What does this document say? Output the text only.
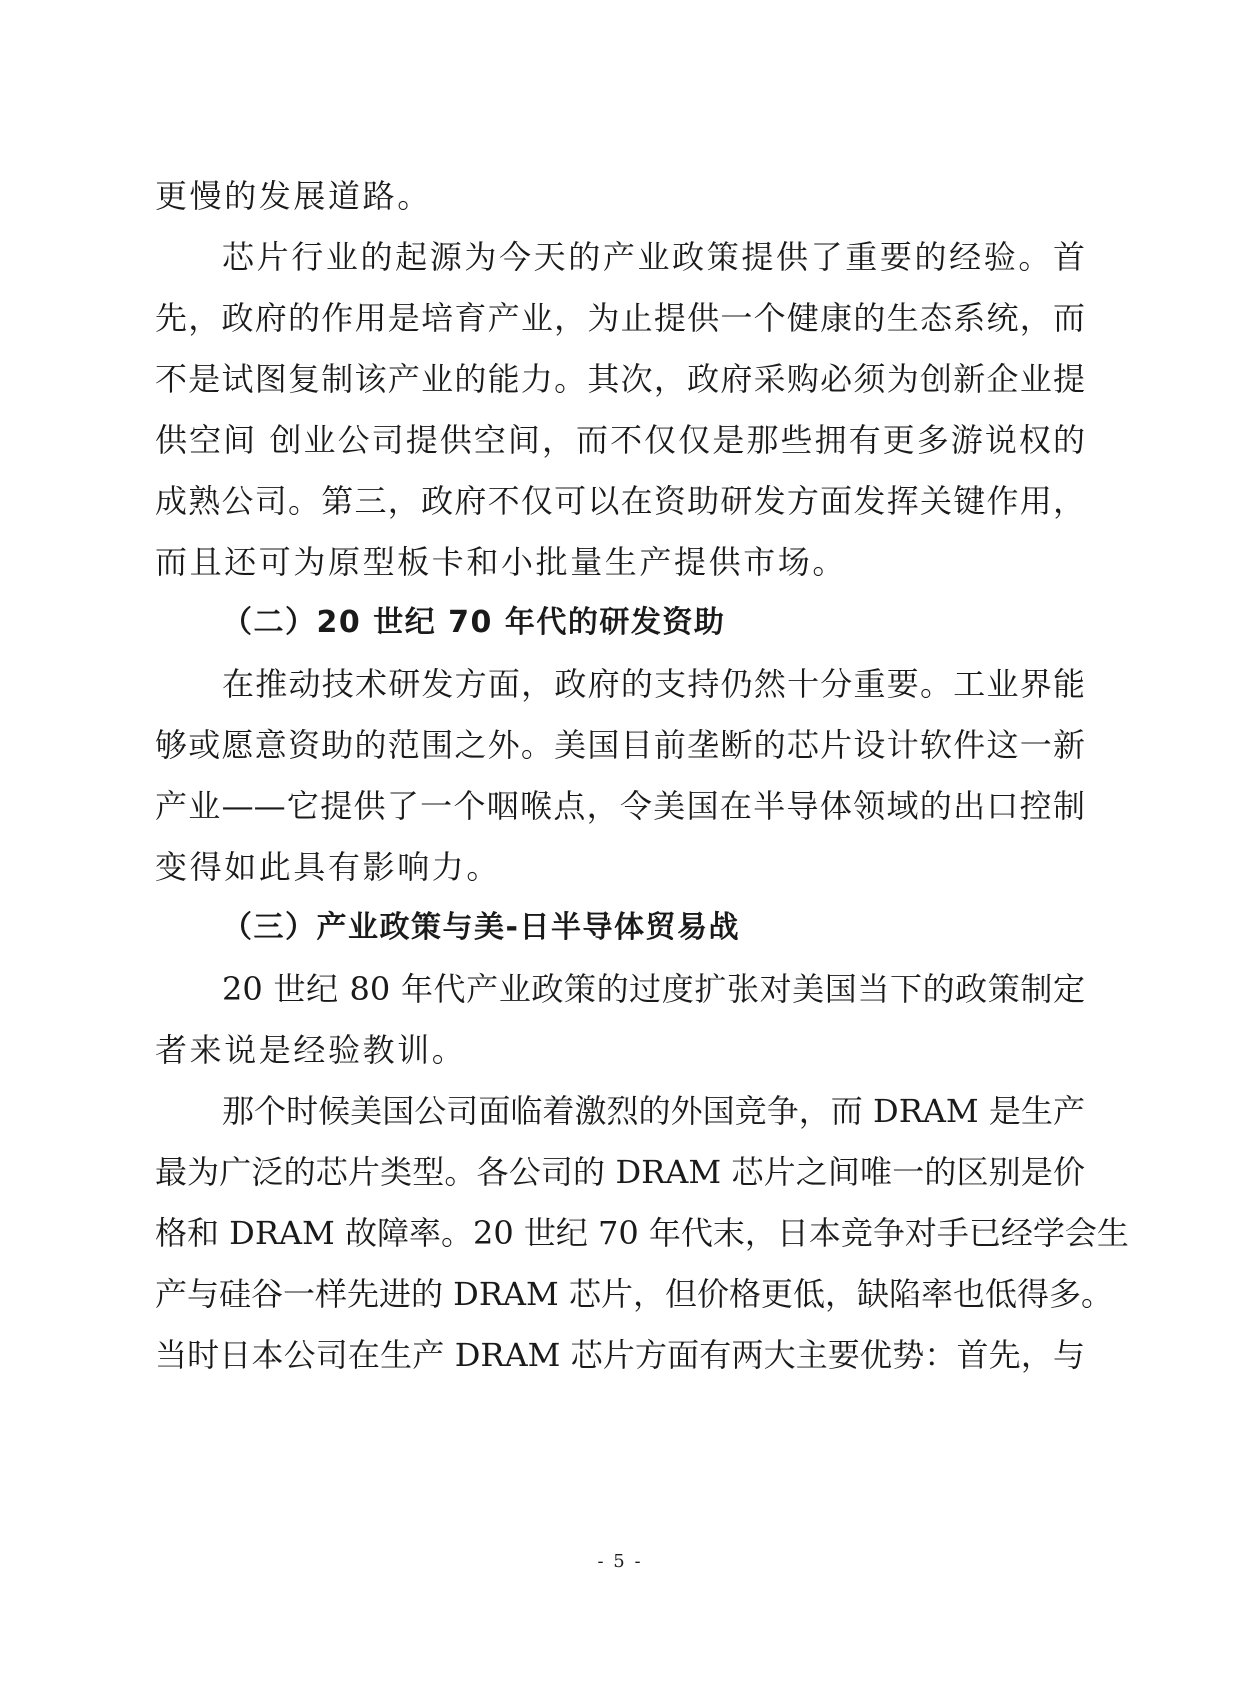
更慢的发展道路。
芯片行业的起源为今天的产业政策提供了重要的经验。首
先，政府的作用是培育产业，为止提供一个健康的生态系统，而
不是试图复制该产业的能力。其次，政府采购必须为创新企业提
供空间 创业公司提供空间，而不仅仅是那些拥有更多游说权的
成熟公司。第三，政府不仅可以在资助研发方面发挥关键作用，
而且还可为原型板卡和小批量生产提供市场。
（二）20 世纪 70 年代的研发资助
在推动技术研发方面，政府的支持仍然十分重要。工业界能
够或愿意资助的范围之外。美国目前垄断的芯片设计软件这一新
产业——它提供了一个咽喉点，令美国在半导体领域的出口控制
变得如此具有影响力。
（三）产业政策与美-日半导体贸易战
20 世纪 80 年代产业政策的过度扩张对美国当下的政策制定
者来说是经验教训。
那个时候美国公司面临着激烈的外国竞争，而 DRAM 是生产
最为广泛的芯片类型。各公司的 DRAM 芯片之间唯一的区别是价
格和 DRAM 故障率。20 世纪 70 年代末，日本竞争对手已经学会生
产与硅谷一样先进的 DRAM 芯片，但价格更低，缺陷率也低得多。
当时日本公司在生产 DRAM 芯片方面有两大主要优势：首先，与
- 5 -
